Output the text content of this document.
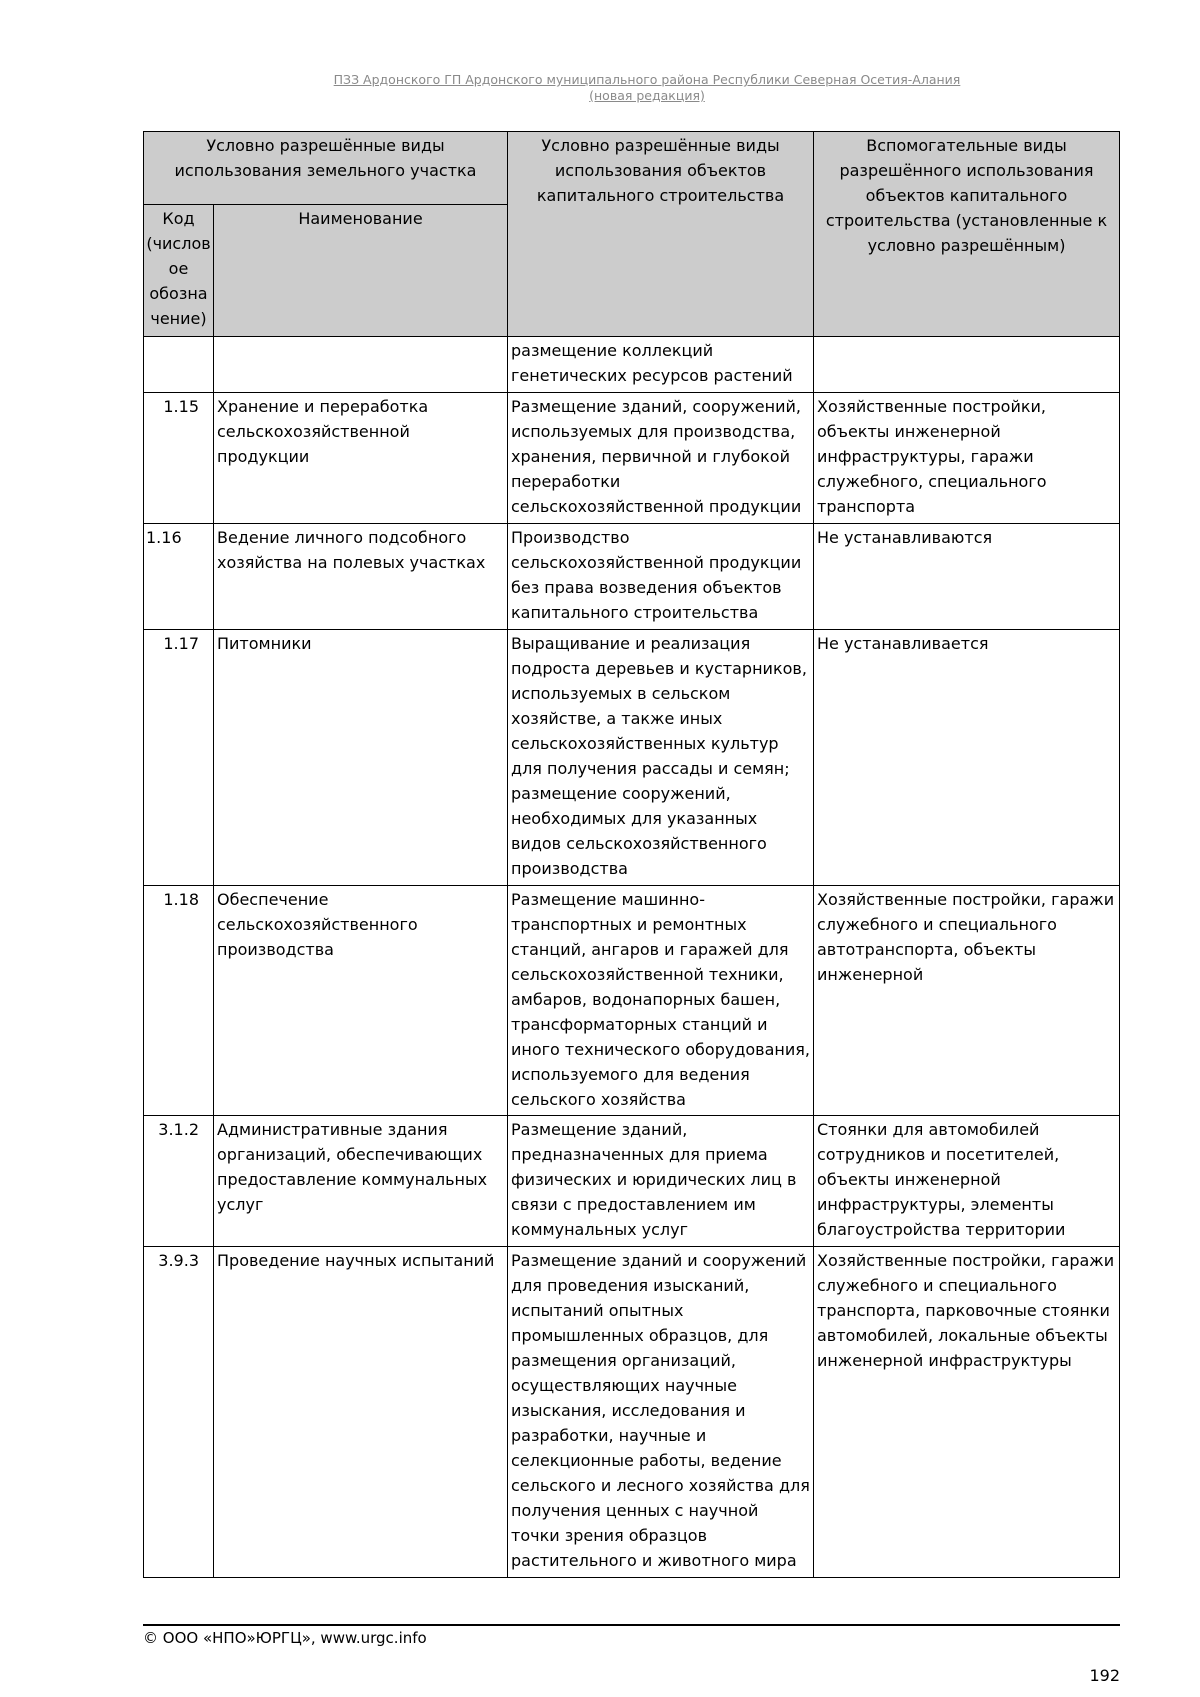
ПЗЗ Ардонского ГП Ардонского муниципального района Республики Северная Осетия-Алания
(новая редакция)
Условно разрешённые виды использования земельного участка		Условно разрешённые виды использования объектов капитального строительства	Вспомогательные виды разрешённого использования объектов капитального строительства (установленные к условно разрешённым)
Код (числов ое обозна чение)	Наименование		
		размещение коллекций генетических ресурсов растений	
1.15	Хранение и переработка сельскохозяйственной продукции	Размещение зданий, сооружений, используемых для производства, хранения, первичной и глубокой переработки сельскохозяйственной продукции	Хозяйственные постройки, объекты инженерной инфраструктуры, гаражи служебного, специального транспорта
1.16	Ведение личного подсобного хозяйства на полевых участках	Производство сельскохозяйственной продукции без права возведения объектов капитального строительства	Не устанавливаются
1.17	Питомники	Выращивание и реализация подроста деревьев и кустарников, используемых в сельском хозяйстве, а также иных сельскохозяйственных культур для получения рассады и семян; размещение сооружений, необходимых для указанных видов сельскохозяйственного производства	Не устанавливается
1.18	Обеспечение сельскохозяйственного производства	Размещение машинно-транспортных и ремонтных станций, ангаров и гаражей для сельскохозяйственной техники, амбаров, водонапорных башен, трансформаторных станций и иного технического оборудования, используемого для ведения сельского хозяйства	Хозяйственные постройки, гаражи служебного и специального автотранспорта, объекты инженерной
3.1.2	Административные здания организаций, обеспечивающих предоставление коммунальных услуг	Размещение зданий, предназначенных для приема физических и юридических лиц в связи с предоставлением им коммунальных услуг	Стоянки для автомобилей сотрудников и посетителей, объекты инженерной инфраструктуры, элементы благоустройства территории
3.9.3	Проведение научных испытаний	Размещение зданий и сооружений для проведения изысканий, испытаний опытных промышленных образцов, для размещения организаций, осуществляющих научные изыскания, исследования и разработки, научные и селекционные работы, ведение сельского и лесного хозяйства для получения ценных с научной точки зрения образцов растительного и животного мира	Хозяйственные постройки, гаражи служебного и специального транспорта, парковочные стоянки автомобилей, локальные объекты инженерной инфраструктуры
© ООО «НПО»ЮРГЦ», www.urgc.info
192
